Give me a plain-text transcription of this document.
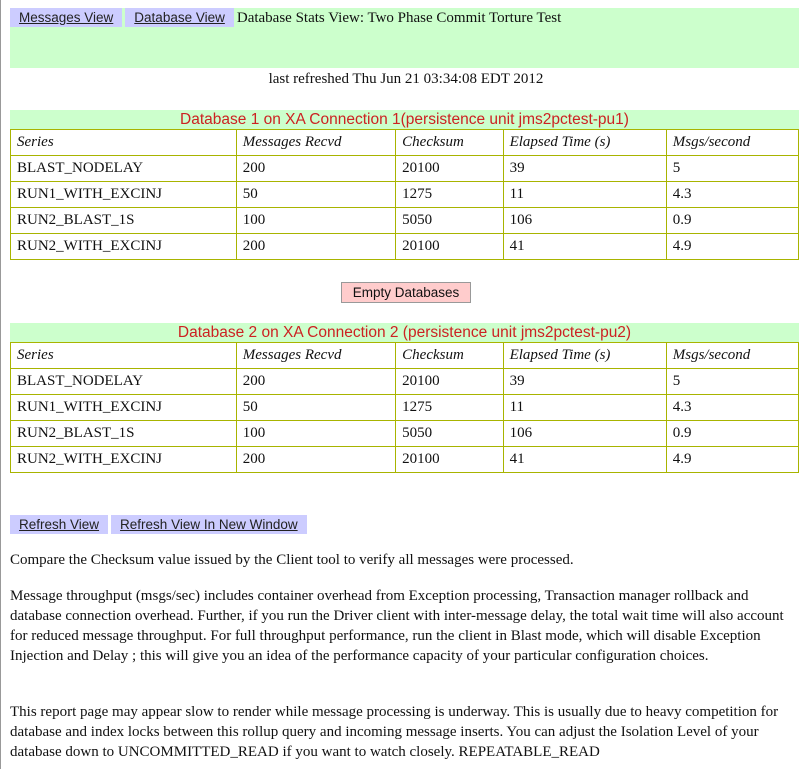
Messages View Database View Database Stats View: Two Phase Commit Torture Test
last refreshed Thu Jun 21 03:34:08 EDT 2012
Database 1 on XA Connection 1(persistence unit jms2pctest-pu1)
Series	Messages Recvd	Checksum	Elapsed Time (s)	Msgs/second
BLAST_NODELAY	200	20100	39	5
RUN1_WITH_EXCINJ	50	1275	11	4.3
RUN2_BLAST_1S	100	5050	106	0.9
RUN2_WITH_EXCINJ	200	20100	41	4.9
Empty Databases
Database 2 on XA Connection 2 (persistence unit jms2pctest-pu2)
Series	Messages Recvd	Checksum	Elapsed Time (s)	Msgs/second
BLAST_NODELAY	200	20100	39	5
RUN1_WITH_EXCINJ	50	1275	11	4.3
RUN2_BLAST_1S	100	5050	106	0.9
RUN2_WITH_EXCINJ	200	20100	41	4.9
Refresh View Refresh View In New Window

Compare the Checksum value issued by the Client tool to verify all messages were processed.

Message throughput (msgs/sec) includes container overhead from Exception processing, Transaction manager rollback and database connection overhead. Further, if you run the Driver client with inter-message delay, the total wait time will also account for reduced message throughput. For full throughput performance, run the client in Blast mode, which will disable Exception Injection and Delay ; this will give you an idea of the performance capacity of your particular configuration choices.

This report page may appear slow to render while message processing is underway. This is usually due to heavy competition for database and index locks between this rollup query and incoming message inserts. You can adjust the Isolation Level of your database down to UNCOMMITTED_READ if you want to watch closely. REPEATABLE_READ
